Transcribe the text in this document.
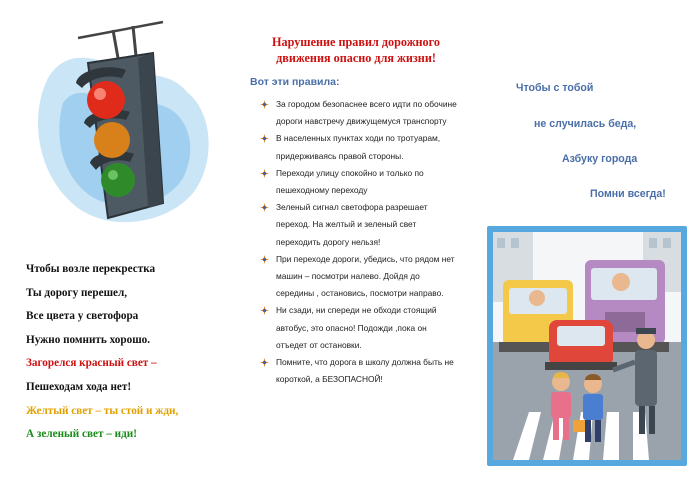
Чтобы возле перекрестка
Ты дорогу перешел,
Все цвета у светофора
Нужно помнить хорошо.
Загорелся красный свет –
Пешеходам хода нет!
Желтый свет – ты стой и жди,
А зеленый свет – иди!
Нарушение правил дорожного
движения опасно для жизни!
Вот эти правила:
За городом безопаснее всего идти по обочине дороги навстречу движущемуся транспорту
В населенных пунктах ходи по тротуарам, придерживаясь правой стороны.
Переходи улицу спокойно и только по пешеходному переходу
Зеленый сигнал светофора разрешает переход. На желтый и зеленый свет переходить дорогу нельзя!
При переходе дороги, убедись, что рядом нет машин – посмотри налево. Дойдя до середины , остановись, посмотри направо.
Ни сзади, ни спереди не обходи стоящий автобус, это опасно! Подожди ,пока он отъедет от остановки.
Помните, что дорога в школу должна быть не короткой, а БЕЗОПАСНОЙ!
Чтобы с тобой
не случилась беда,
Азбуку города
Помни всегда!
